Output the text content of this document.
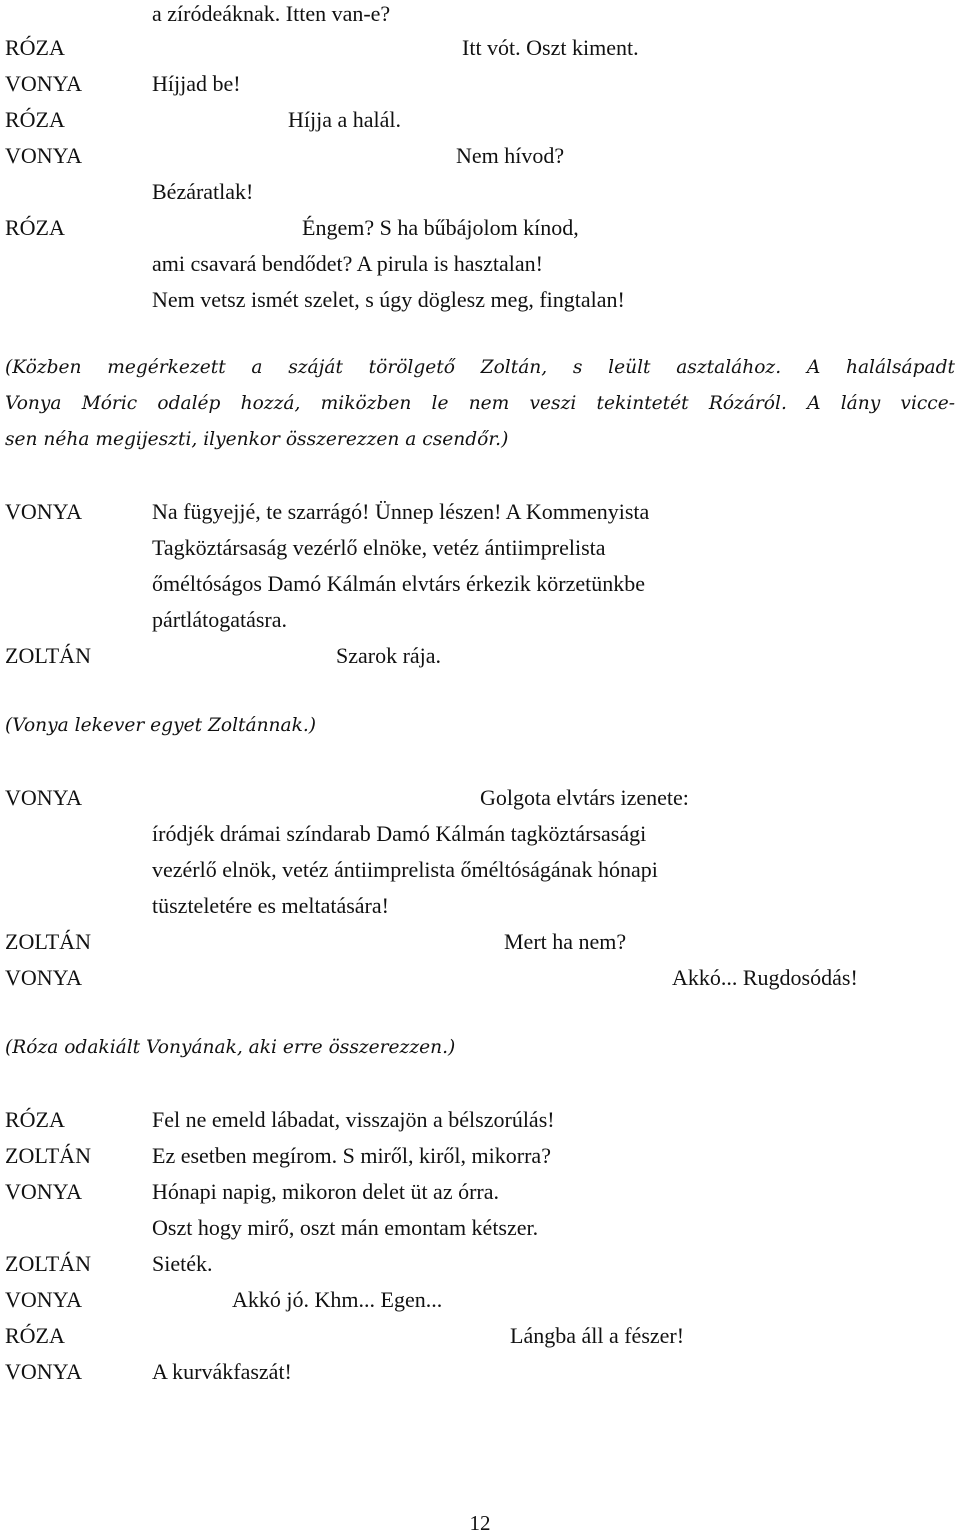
a zíródeáknak. Itten van-e?
RÓZA	Itt vót. Oszt kiment.
VONYA	Híjjad be!
RÓZA	Híjja a halál.
VONYA	Nem hívod?
Bézáratlak!
RÓZA	Éngem? S ha bűbájolom kínod,
ami csavará bendődet? A pirula is hasztalan!
Nem vetsz ismét szelet, s úgy döglesz meg, fingtalan!
(Közben megérkezett a száját törölgető Zoltán, s leült asztalához. A halálsápadt
Vonya Móric odalép hozzá, miközben le nem veszi tekintetét Rózáról. A lány vicce-
sen néha megijeszti, ilyenkor összerezzen a csendőr.)
VONYA	Na fügyejjé, te szarrágó! Ünnep lészen! A Kommenyista
Tagköztársaság vezérlő elnöke, vetéz ántiimprelista
őméltóságos Damó Kálmán elvtárs érkezik körzetünkbe
pártlátogatásra.
ZOLTÁN	Szarok rája.
(Vonya lekever egyet Zoltánnak.)
VONYA	Golgota elvtárs izenete:
íródjék drámai színdarab Damó Kálmán tagköztársasági
vezérlő elnök, vetéz ántiimprelista őméltóságának hónapi
tüszteletére es meltatására!
ZOLTÁN	Mert ha nem?
VONYA	Akkó... Rugdosódás!
(Róza odakiált Vonyának, aki erre összerezzen.)
RÓZA	Fel ne emeld lábadat, visszajön a bélszorúlás!
ZOLTÁN	Ez esetben megírom. S miről, kiről, mikorra?
VONYA	Hónapi napig, mikoron delet üt az órra.
Oszt hogy mirő, oszt mán emontam kétszer.
ZOLTÁN	Sieték.
VONYA	Akkó jó. Khm... Egen...
RÓZA	Lángba áll a fészer!
VONYA	A kurvákfaszát!
12
